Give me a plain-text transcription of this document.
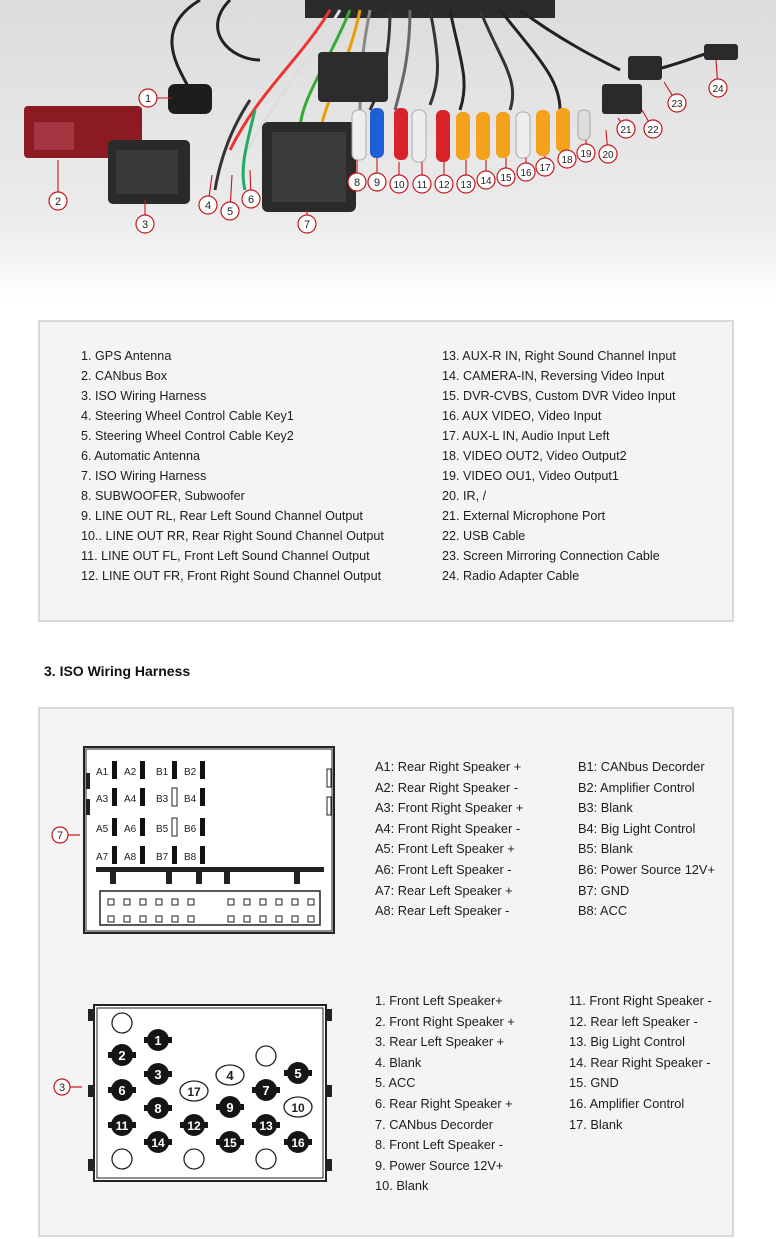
1
2
3
4 5
6
7
8 9 10 11 12 13 14 15 16 17
18
19 20
21 22
23
24
1. GPS Antenna
2. CANbus Box
3. ISO Wiring Harness
4. Steering Wheel Control Cable Key1
5. Steering Wheel Control Cable Key2
6. Automatic Antenna
7. ISO Wiring Harness
8. SUBWOOFER, Subwoofer
9. LINE OUT RL, Rear Left Sound Channel Output
10.. LINE OUT RR, Rear Right Sound Channel Output
11. LINE OUT FL, Front Left Sound Channel Output
12. LINE OUT FR, Front Right Sound Channel Output
13. AUX-R IN, Right Sound Channel Input
14. CAMERA-IN, Reversing Video Input
15. DVR-CVBS, Custom DVR Video Input
16. AUX VIDEO, Video Input
17. AUX-L IN, Audio Input Left
18. VIDEO OUT2, Video Output2
19. VIDEO OU1, Video Output1
20. IR, /
21. External Microphone Port
22. USB Cable
23. Screen Mirroring Connection Cable
24. Radio Adapter Cable
3. ISO Wiring Harness
A1 A2 B1 B2
A3 A4 B3 B4
A5 A6 B5 B6
A7 A8 B7 B8
7
1
2
3	4	5
6	7
8	9	10
11	12	13
14	15	16
17
3
A1: Rear Right Speaker +
A2: Rear Right Speaker -
A3: Front Right Speaker +
A4: Front Right Speaker -
A5: Front Left Speaker +
A6: Front Left Speaker -
A7: Rear Left Speaker +
A8: Rear Left Speaker -
B1: CANbus Decorder
B2: Amplifier Control
B3: Blank
B4: Big Light Control
B5: Blank
B6: Power Source 12V+
B7: GND
B8: ACC
1. Front Left Speaker+
2. Front Right Speaker +
3. Rear Left Speaker +
4. Blank
5. ACC
6. Rear Right Speaker +
7. CANbus Decorder
8. Front Left Speaker -
9. Power Source 12V+
10. Blank
11. Front Right Speaker -
12. Rear left Speaker -
13. Big Light Control
14. Rear Right Speaker -
15. GND
16. Amplifier Control
17. Blank
